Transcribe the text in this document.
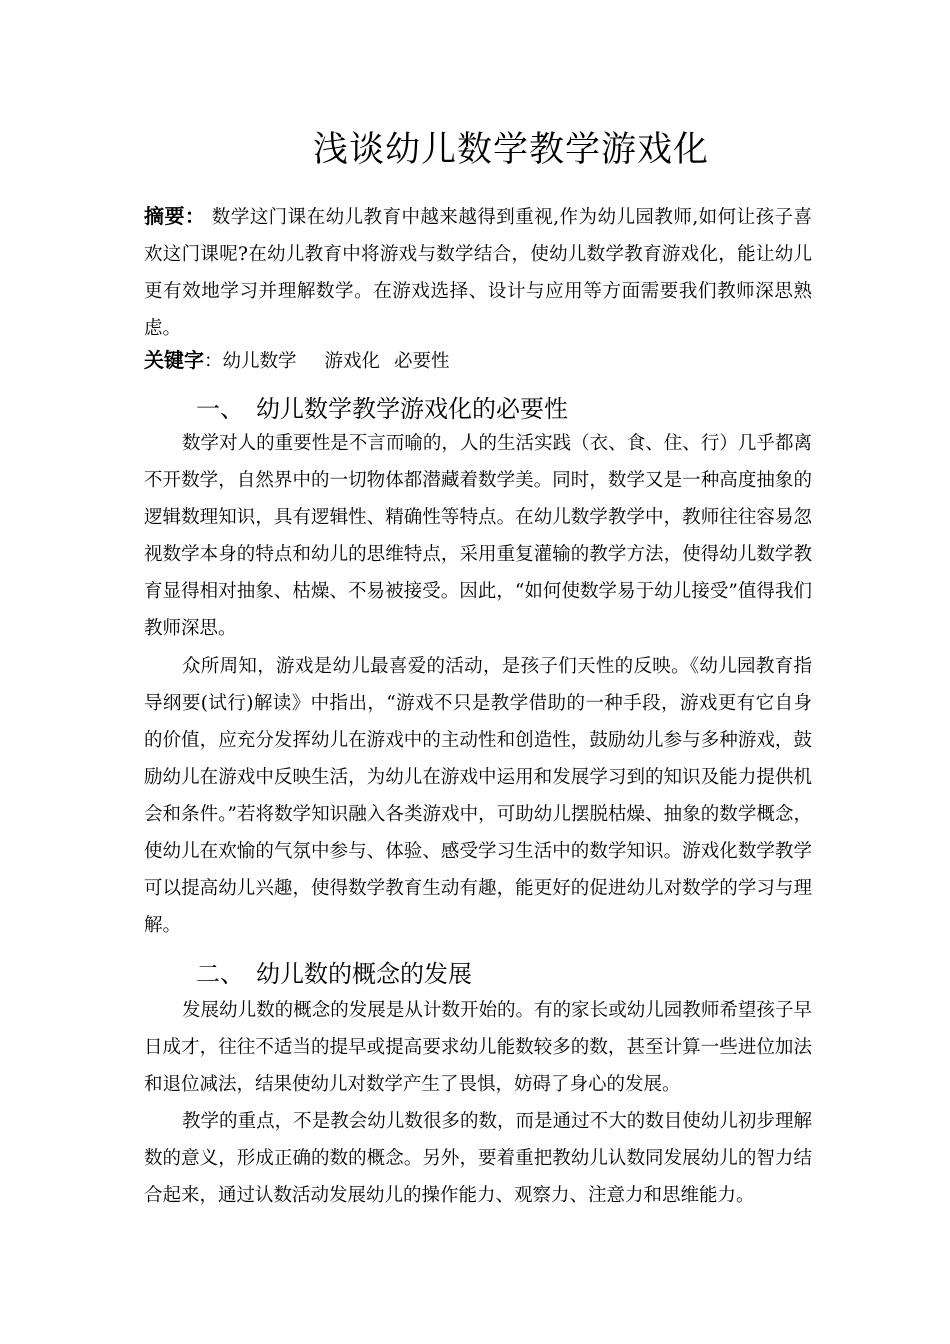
浅谈幼儿数学教学游戏化
摘要： 数学这门课在幼儿教育中越来越得到重视,作为幼儿园教师,如何让孩子喜欢这门课呢?在幼儿教育中将游戏与数学结合，使幼儿数学教育游戏化，能让幼儿更有效地学习并理解数学。在游戏选择、设计与应用等方面需要我们教师深思熟虑。
关键字：幼儿数学 游戏化 必要性
一、 幼儿数学教学游戏化的必要性
数学对人的重要性是不言而喻的，人的生活实践（衣、食、住、行）几乎都离不开数学，自然界中的一切物体都潜藏着数学美。同时，数学又是一种高度抽象的逻辑数理知识，具有逻辑性、精确性等特点。在幼儿数学教学中，教师往往容易忽视数学本身的特点和幼儿的思维特点，采用重复灌输的教学方法，使得幼儿数学教育显得相对抽象、枯燥、不易被接受。因此，“如何使数学易于幼儿接受”值得我们教师深思。
众所周知，游戏是幼儿最喜爱的活动，是孩子们天性的反映。《幼儿园教育指导纲要(试行)解读》中指出，“游戏不只是教学借助的一种手段，游戏更有它自身的价值，应充分发挥幼儿在游戏中的主动性和创造性，鼓励幼儿参与多种游戏，鼓励幼儿在游戏中反映生活，为幼儿在游戏中运用和发展学习到的知识及能力提供机会和条件。”若将数学知识融入各类游戏中，可助幼儿摆脱枯燥、抽象的数学概念，使幼儿在欢愉的气氛中参与、体验、感受学习生活中的数学知识。游戏化数学教学可以提高幼儿兴趣，使得数学教育生动有趣，能更好的促进幼儿对数学的学习与理解。
二、 幼儿数的概念的发展
发展幼儿数的概念的发展是从计数开始的。有的家长或幼儿园教师希望孩子早日成才，往往不适当的提早或提高要求幼儿能数较多的数，甚至计算一些进位加法和退位减法，结果使幼儿对数学产生了畏惧，妨碍了身心的发展。
教学的重点，不是教会幼儿数很多的数，而是通过不大的数目使幼儿初步理解数的意义，形成正确的数的概念。另外，要着重把教幼儿认数同发展幼儿的智力结合起来，通过认数活动发展幼儿的操作能力、观察力、注意力和思维能力。
